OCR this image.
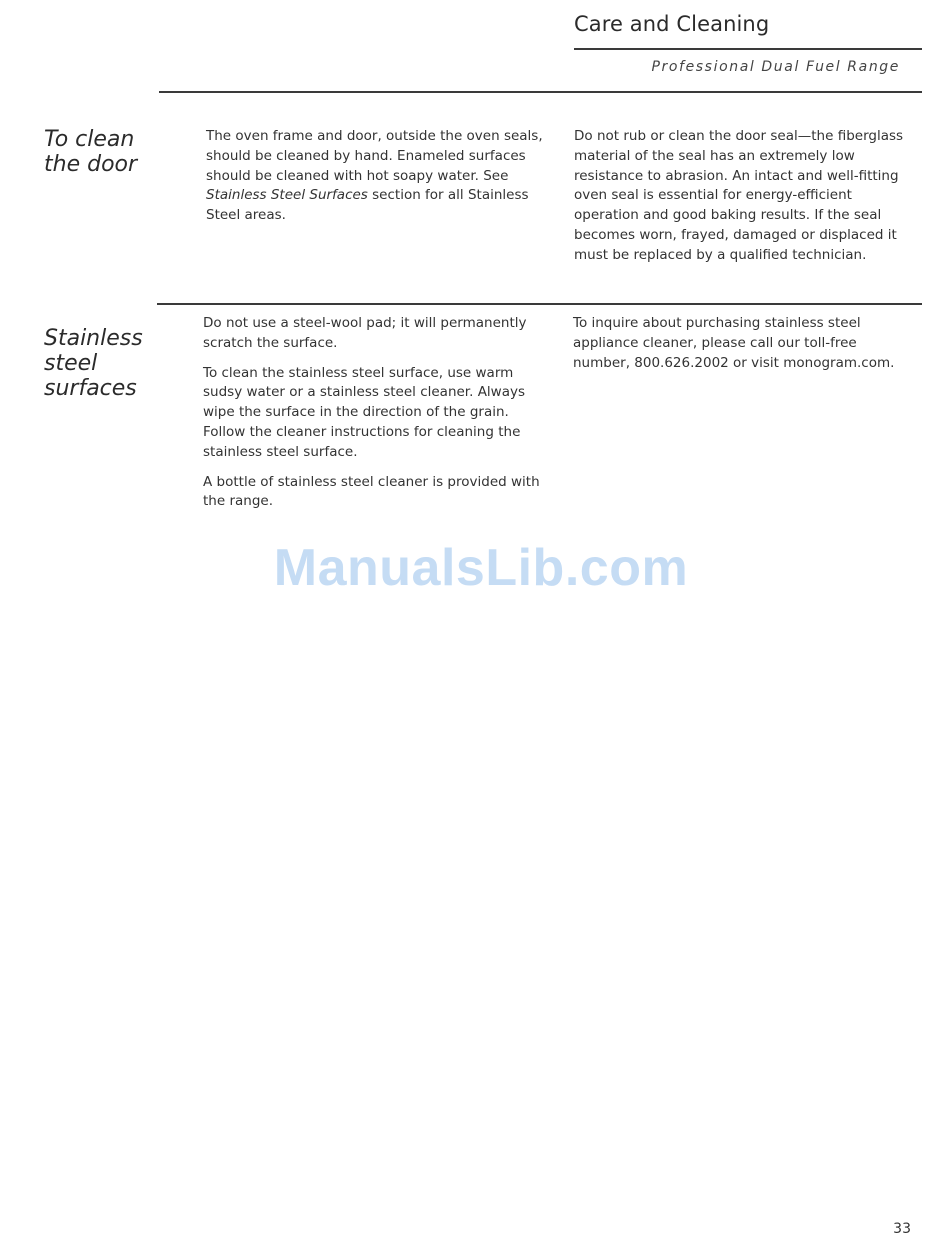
Care and Cleaning
Professional Dual Fuel Range
To clean
the door

The oven frame and door, outside the oven seals, should be cleaned by hand. Enameled surfaces should be cleaned with hot soapy water. See Stainless Steel Surfaces section for all Stainless Steel areas.

Do not rub or clean the door seal—the fiberglass material of the seal has an extremely low resistance to abrasion. An intact and well-fitting oven seal is essential for energy-efficient operation and good baking results. If the seal becomes worn, frayed, damaged or displaced it must be replaced by a qualified technician.

Stainless
steel
surfaces

Do not use a steel-wool pad; it will permanently scratch the surface.

To clean the stainless steel surface, use warm sudsy water or a stainless steel cleaner. Always wipe the surface in the direction of the grain. Follow the cleaner instructions for cleaning the stainless steel surface.

A bottle of stainless steel cleaner is provided with the range.

To inquire about purchasing stainless steel appliance cleaner, please call our toll-free number, 800.626.2002 or visit monogram.com.

ManualsLib.com
33
